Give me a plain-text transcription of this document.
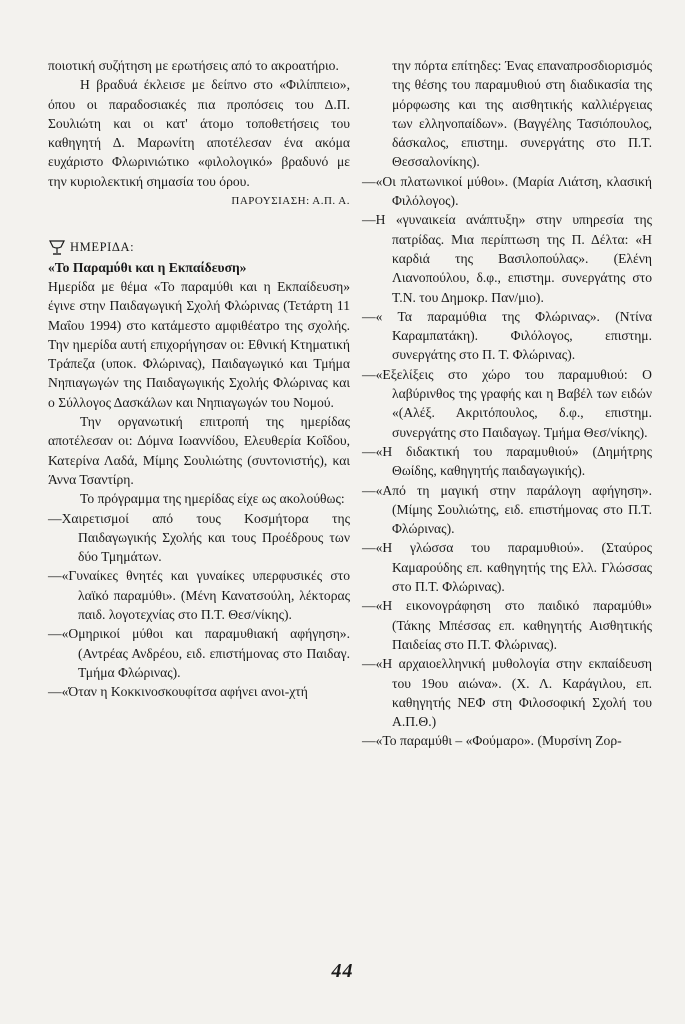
ποιοτική συζήτηση με ερωτήσεις από το ακροατήριο.

Η βραδυά έκλεισε με δείπνο στο «Φιλίππειο», όπου οι παραδοσιακές πια προπόσεις του Δ.Π. Σουλιώτη και οι κατ' άτομο τοποθετήσεις του καθηγητή Δ. Μαρωνίτη αποτέλεσαν ένα ακόμα ευχάριστο Φλωρινιώτικο «φιλολογικό» βραδυνό με την κυριολεκτική σημασία του όρου.

ΠΑΡΟΥΣΙΑΣΗ: Α.Π. Α.

ΗΜΕΡΙΔΑ:

«Το Παραμύθι και η Εκπαίδευση»

Ημερίδα με θέμα «Το παραμύθι και η Εκπαίδευση» έγινε στην Παιδαγωγική Σχολή Φλώρινας (Τετάρτη 11 Μαΐου 1994) στο κατάμεστο αμφιθέατρο της σχολής. Την ημερίδα αυτή επιχορήγησαν οι: Εθνική Κτηματική Τράπεζα (υποκ. Φλώρινας), Παιδαγωγικό και Τμήμα Νηπιαγωγών της Παιδαγωγικής Σχολής Φλώρινας και ο Σύλλογος Δασκάλων και Νηπιαγωγών του Νομού.

Την οργανωτική επιτροπή της ημερίδας αποτέλεσαν οι: Δόμνα Ιωαννίδου, Ελευθερία Κοΐδου, Κατερίνα Λαδά, Μίμης Σουλιώτης (συντονιστής), και Άννα Τσαντίρη.

Το πρόγραμμα της ημερίδας είχε ως ακολούθως:

—Χαιρετισμοί από τους Κοσμήτορα της Παιδαγωγικής Σχολής και τους Προέδρους των δύο Τμημάτων.

—«Γυναίκες θνητές και γυναίκες υπερφυσικές στο λαϊκό παραμύθι». (Μένη Κανατσούλη, λέκτορας παιδ. λογοτεχνίας στο Π.Τ. Θεσ/νίκης).

—«Ομηρικοί μύθοι και παραμυθιακή αφήγηση». (Αντρέας Ανδρέου, ειδ. επιστήμονας στο Παιδαγ. Τμήμα Φλώρινας).

—«Όταν η Κοκκινοσκουφίτσα αφήνει ανοι-χτή

την πόρτα επίτηδες: Ένας επαναπροσδιορισμός της θέσης του παραμυθιού στη διαδικασία της μόρφωσης και της αισθητικής καλλιέργειας των ελληνοπαίδων». (Βαγγέλης Τασιόπουλος, δάσκαλος, επιστημ. συνεργάτης στο Π.Τ. Θεσσαλονίκης).

—«Οι πλατωνικοί μύθοι». (Μαρία Λιάτση, κλασική Φιλόλογος).

—Η «γυναικεία ανάπτυξη» στην υπηρεσία της πατρίδας. Μια περίπτωση της Π. Δέλτα: «Η καρδιά της Βασιλοπούλας». (Ελένη Λιανοπούλου, δ.φ., επιστημ. συνεργάτης στο Τ.Ν. του Δημοκρ. Παν/μιο).

—« Τα παραμύθια της Φλώρινας». (Ντίνα Καραμπατάκη). Φιλόλογος, επιστημ. συνεργάτης στο Π. Τ. Φλώρινας).

—«Εξελίξεις στο χώρο του παραμυθιού: Ο λαβύρινθος της γραφής και η Βαβέλ των ειδών «(Αλέξ. Ακριτόπουλος, δ.φ., επιστημ. συνεργάτης στο Παιδαγωγ. Τμήμα Θεσ/νίκης).

—«Η διδακτική του παραμυθιού» (Δημήτρης Θωίδης, καθηγητής παιδαγωγικής).

—«Από τη μαγική στην παράλογη αφήγηση». (Μίμης Σουλιώτης, ειδ. επιστήμονας στο Π.Τ. Φλώρινας).

—«Η γλώσσα του παραμυθιού». (Σταύρος Καμαρούδης επ. καθηγητής της Ελλ. Γλώσσας στο Π.Τ. Φλώρινας).

—«Η εικονογράφηση στο παιδικό παραμύθι» (Τάκης Μπέσσας επ. καθηγητής Αισθητικής Παιδείας στο Π.Τ. Φλώρινας).

—«Η αρχαιοελληνική μυθολογία στην εκπαίδευση του 19ου αιώνα». (Χ. Λ. Καράγιλου, επ. καθηγητής ΝΕΦ στη Φιλοσοφική Σχολή του Α.Π.Θ.)

—«Το παραμύθι – «Φούμαρο». (Μυρσίνη Ζορ-

44
